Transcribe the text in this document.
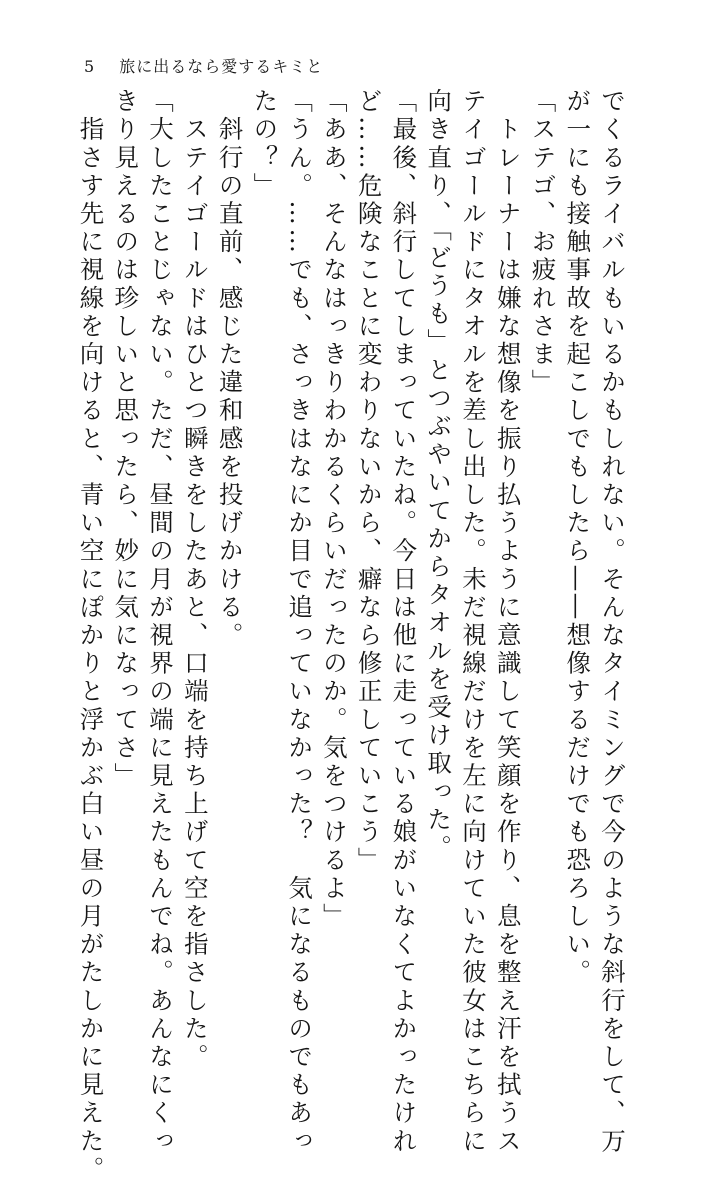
5 旅に出るなら愛するキミと
でくるライバルもいるかもしれない。そんなタイミングで今のような斜行をして、万
が一にも接触事故を起こしでもしたら――想像するだけでも恐ろしい。
「ステゴ、お疲れさま」
　トレーナーは嫌な想像を振り払うように意識して笑顔を作り、息を整え汗を拭うス
テイゴールドにタオルを差し出した。未だ視線だけを左に向けていた彼女はこちらに
向き直り、「どうも」とつぶやいてからタオルを受け取った。
「最後、斜行してしまっていたね。今日は他に走っている娘がいなくてよかったけれ
ど……危険なことに変わりないから、癖なら修正していこう」
「ああ、そんなはっきりわかるくらいだったのか。気をつけるよ」
「うん。……でも、さっきはなにか目で追っていなかった？　気になるものでもあっ
たの？」
　斜行の直前、感じた違和感を投げかける。
　ステイゴールドはひとつ瞬きをしたあと、口端を持ち上げて空を指さした。
「大したことじゃない。ただ、昼間の月が視界の端に見えたもんでね。あんなにくっ
きり見えるのは珍しいと思ったら、妙に気になってさ」
　指さす先に視線を向けると、青い空にぽかりと浮かぶ白い昼の月がたしかに見えた。
